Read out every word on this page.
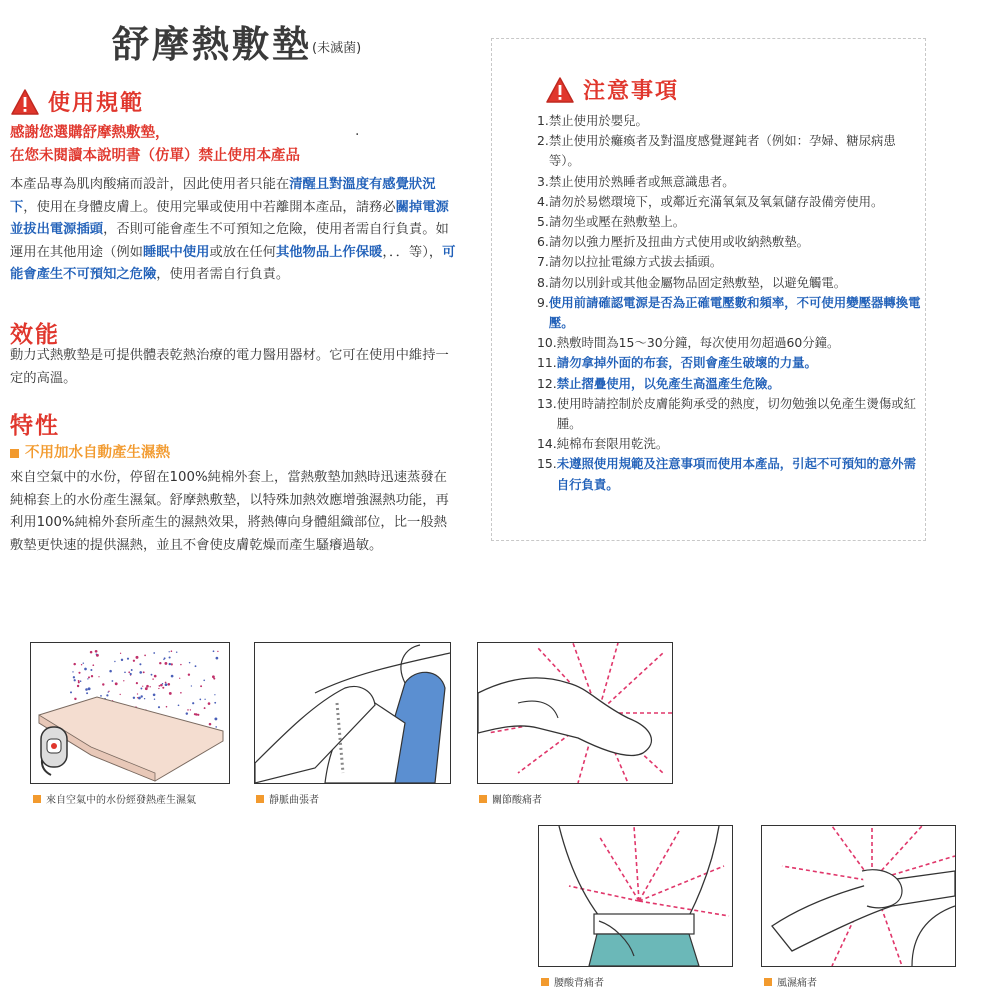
舒摩熱敷墊(未滅菌)
使用規範
感謝您選購舒摩熱敷墊，	.
在您未閱讀本說明書（仿單）禁止使用本產品
本產品專為肌肉酸痛而設計，因此使用者只能在清醒且對溫度有感覺狀況下，使用在身體皮膚上。使用完畢或使用中若離開本產品，請務必關掉電源並拔出電源插頭，否則可能會產生不可預知之危險，使用者需自行負責。如運用在其他用途（例如睡眠中使用或放在任何其他物品上作保暖，．．等），可能會產生不可預知之危險，使用者需自行負責。
效能
動力式熱敷墊是可提供體表乾熱治療的電力醫用器材。它可在使用中維持一定的高溫。
特性
不用加水自動產生濕熱
來自空氣中的水份，停留在100%純棉外套上，當熱敷墊加熱時迅速蒸發在純棉套上的水份產生濕氣。舒摩熱敷墊，以特殊加熱效應增強濕熱功能，再利用100%純棉外套所產生的濕熱效果，將熱傳向身體組織部位，比一般熱敷墊更快速的提供濕熱，並且不會使皮膚乾燥而產生騷癢過敏。
注意事項
1. 禁止使用於嬰兒。
2. 禁止使用於癱瘓者及對溫度感覺遲鈍者（例如：孕婦、糖尿病患等）。
3. 禁止使用於熟睡者或無意識患者。
4. 請勿於易燃環境下，或鄰近充滿氧氣及氧氣儲存設備旁使用。
5. 請勿坐或壓在熱敷墊上。
6. 請勿以強力壓折及扭曲方式使用或收納熱敷墊。
7. 請勿以拉扯電線方式拔去插頭。
8. 請勿以別針或其他金屬物品固定熱敷墊，以避免觸電。
9. 使用前請確認電源是否為正確電壓數和頻率，不可使用變壓器轉換電壓。
10. 熱敷時間為15～30分鐘，每次使用勿超過60分鐘。
11. 請勿拿掉外面的布套，否則會產生破壞的力量。
12. 禁止摺疊使用，以免產生高溫產生危險。
13. 使用時請控制於皮膚能夠承受的熱度，切勿勉強以免產生燙傷或紅腫。
14. 純棉布套限用乾洗。
15. 未遵照使用規範及注意事項而使用本產品，引起不可預知的意外需自行負責。
來自空氣中的水份經發熱產生濕氣	靜脈曲張者	關節酸痛者
腰酸背痛者	風濕痛者
